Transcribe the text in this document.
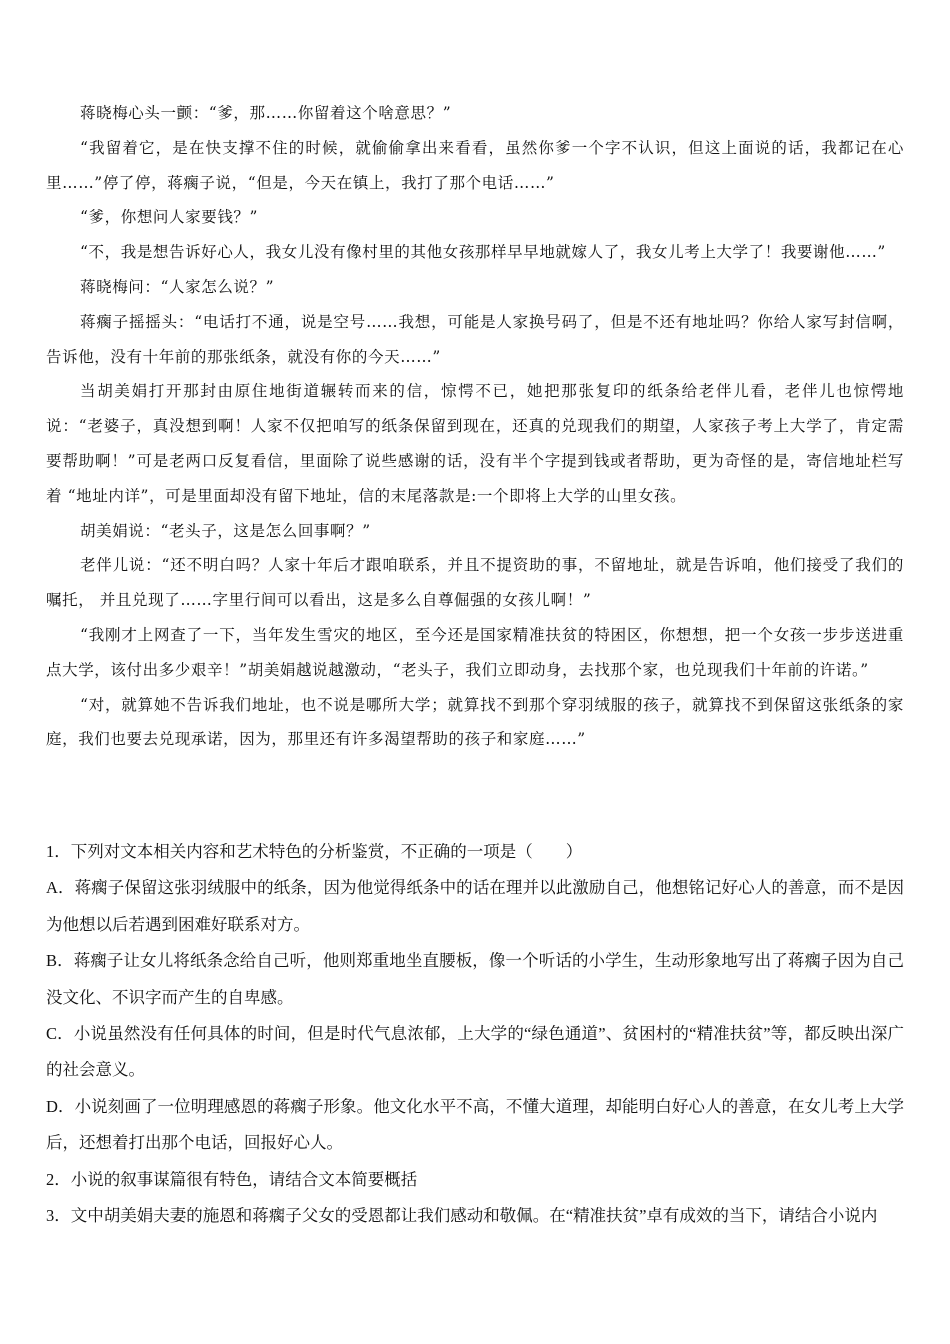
蒋晓梅心头一颤：“爹，那……你留着这个啥意思？”

“我留着它，是在快支撑不住的时候，就偷偷拿出来看看，虽然你爹一个字不认识，但这上面说的话，我都记在心里……”停了停，蒋瘸子说，“但是，今天在镇上，我打了那个电话……”

“爹，你想问人家要钱？”

“不，我是想告诉好心人，我女儿没有像村里的其他女孩那样早早地就嫁人了，我女儿考上大学了！我要谢他……”

蒋晓梅问：“人家怎么说？”

蒋瘸子摇摇头：“电话打不通，说是空号……我想，可能是人家换号码了，但是不还有地址吗？你给人家写封信啊，告诉他，没有十年前的那张纸条，就没有你的今天……”

当胡美娟打开那封由原住地街道辗转而来的信，惊愕不已，她把那张复印的纸条给老伴儿看，老伴儿也惊愕地说：“老婆子，真没想到啊！人家不仅把咱写的纸条保留到现在，还真的兑现我们的期望，人家孩子考上大学了，肯定需要帮助啊！”可是老两口反复看信，里面除了说些感谢的话，没有半个字提到钱或者帮助，更为奇怪的是，寄信地址栏写着 “地址内详”，可是里面却没有留下地址，信的末尾落款是:一个即将上大学的山里女孩。

胡美娟说：“老头子，这是怎么回事啊？”

老伴儿说：“还不明白吗？人家十年后才跟咱联系，并且不提资助的事，不留地址，就是告诉咱，他们接受了我们的嘱托， 并且兑现了……字里行间可以看出，这是多么自尊倔强的女孩儿啊！”

“我刚才上网查了一下，当年发生雪灾的地区，至今还是国家精准扶贫的特困区，你想想，把一个女孩一步步送进重点大学，该付出多少艰辛！”胡美娟越说越激动，“老头子，我们立即动身，去找那个家，也兑现我们十年前的许诺。”

“对，就算她不告诉我们地址，也不说是哪所大学；就算找不到那个穿羽绒服的孩子，就算找不到保留这张纸条的家庭，我们也要去兑现承诺，因为，那里还有许多渴望帮助的孩子和家庭……”

1．下列对文本相关内容和艺术特色的分析鉴赏，不正确的一项是（　　）

A．蒋瘸子保留这张羽绒服中的纸条，因为他觉得纸条中的话在理并以此激励自己，他想铭记好心人的善意，而不是因为他想以后若遇到困难好联系对方。

B．蒋瘸子让女儿将纸条念给自己听，他则郑重地坐直腰板，像一个听话的小学生，生动形象地写出了蒋瘸子因为自己没文化、不识字而产生的自卑感。

C．小说虽然没有任何具体的时间，但是时代气息浓郁，上大学的“绿色通道”、贫困村的“精准扶贫”等，都反映出深广的社会意义。

D．小说刻画了一位明理感恩的蒋瘸子形象。他文化水平不高，不懂大道理，却能明白好心人的善意，在女儿考上大学后，还想着打出那个电话，回报好心人。

2．小说的叙事谋篇很有特色，请结合文本简要概括

3．文中胡美娟夫妻的施恩和蒋瘸子父女的受恩都让我们感动和敬佩。在“精准扶贫”卓有成效的当下，请结合小说内
